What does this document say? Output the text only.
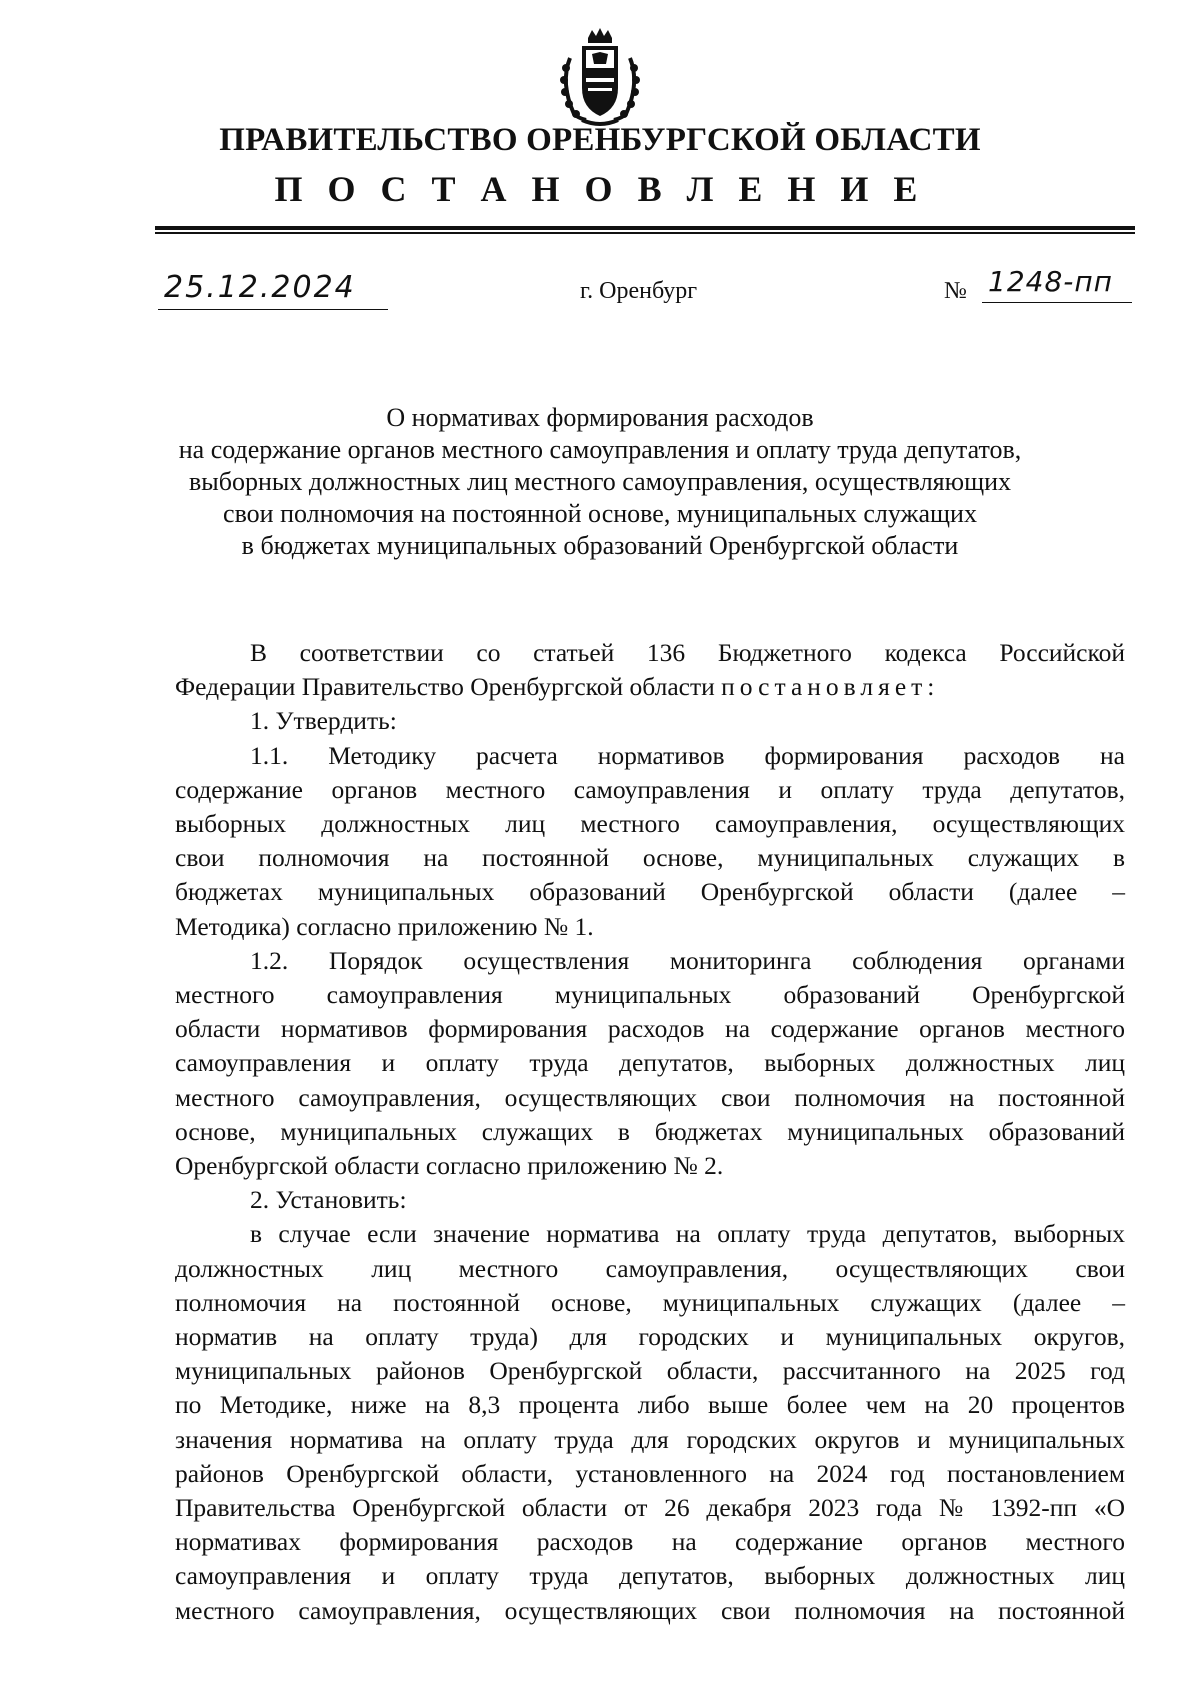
ПРАВИТЕЛЬСТВО ОРЕНБУРГСКОЙ ОБЛАСТИ
П О С Т А Н О В Л Е Н И Е
25.12.2024	г. Оренбург	№ 1248-пп
О нормативах формирования расходов
на содержание органов местного самоуправления и оплату труда депутатов,
выборных должностных лиц местного самоуправления, осуществляющих
свои полномочия на постоянной основе, муниципальных служащих
в бюджетах муниципальных образований Оренбургской области
В соответствии со статьей 136 Бюджетного кодекса Российской
Федерации Правительство Оренбургской области постановляет:
1. Утвердить:
1.1. Методику расчета нормативов формирования расходов на
содержание органов местного самоуправления и оплату труда депутатов,
выборных должностных лиц местного самоуправления, осуществляющих
свои полномочия на постоянной основе, муниципальных служащих в
бюджетах муниципальных образований Оренбургской области (далее –
Методика) согласно приложению № 1.
1.2. Порядок осуществления мониторинга соблюдения органами
местного самоуправления муниципальных образований Оренбургской
области нормативов формирования расходов на содержание органов местного
самоуправления и оплату труда депутатов, выборных должностных лиц
местного самоуправления, осуществляющих свои полномочия на постоянной
основе, муниципальных служащих в бюджетах муниципальных образований
Оренбургской области согласно приложению № 2.
2. Установить:
в случае если значение норматива на оплату труда депутатов, выборных
должностных лиц местного самоуправления, осуществляющих свои
полномочия на постоянной основе, муниципальных служащих (далее –
норматив на оплату труда) для городских и муниципальных округов,
муниципальных районов Оренбургской области, рассчитанного на 2025 год
по Методике, ниже на 8,3 процента либо выше более чем на 20 процентов
значения норматива на оплату труда для городских округов и муниципальных
районов Оренбургской области, установленного на 2024 год постановлением
Правительства Оренбургской области от 26 декабря 2023 года № 1392-пп «О
нормативах формирования расходов на содержание органов местного
самоуправления и оплату труда депутатов, выборных должностных лиц
местного самоуправления, осуществляющих свои полномочия на постоянной
